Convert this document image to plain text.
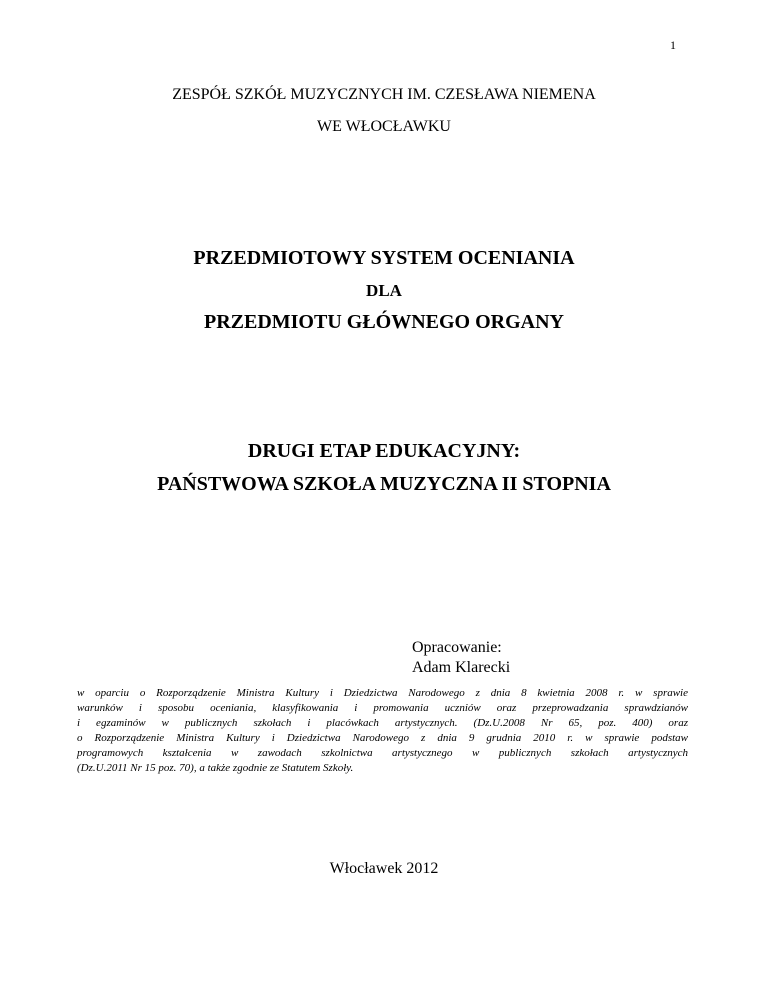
1
ZESPÓŁ SZKÓŁ MUZYCZNYCH IM. CZESŁAWA NIEMENA
WE WŁOCŁAWKU
PRZEDMIOTOWY SYSTEM OCENIANIA
DLA
PRZEDMIOTU GŁÓWNEGO ORGANY
DRUGI ETAP EDUKACYJNY:
PAŃSTWOWA SZKOŁA MUZYCZNA II STOPNIA
Opracowanie:
Adam Klarecki
w oparciu o Rozporządzenie Ministra Kultury i Dziedzictwa Narodowego z dnia 8 kwietnia 2008 r. w sprawie
warunków i sposobu oceniania, klasyfikowania i promowania uczniów oraz przeprowadzania sprawdzianów
i egzaminów w publicznych szkołach i placówkach artystycznych. (Dz.U.2008 Nr 65, poz. 400) oraz
o Rozporządzenie Ministra Kultury i Dziedzictwa Narodowego z dnia 9 grudnia 2010 r. w sprawie podstaw
programowych kształcenia w zawodach szkolnictwa artystycznego w publicznych szkołach artystycznych
(Dz.U.2011 Nr 15 poz. 70), a także zgodnie ze Statutem Szkoły.
Włocławek 2012
